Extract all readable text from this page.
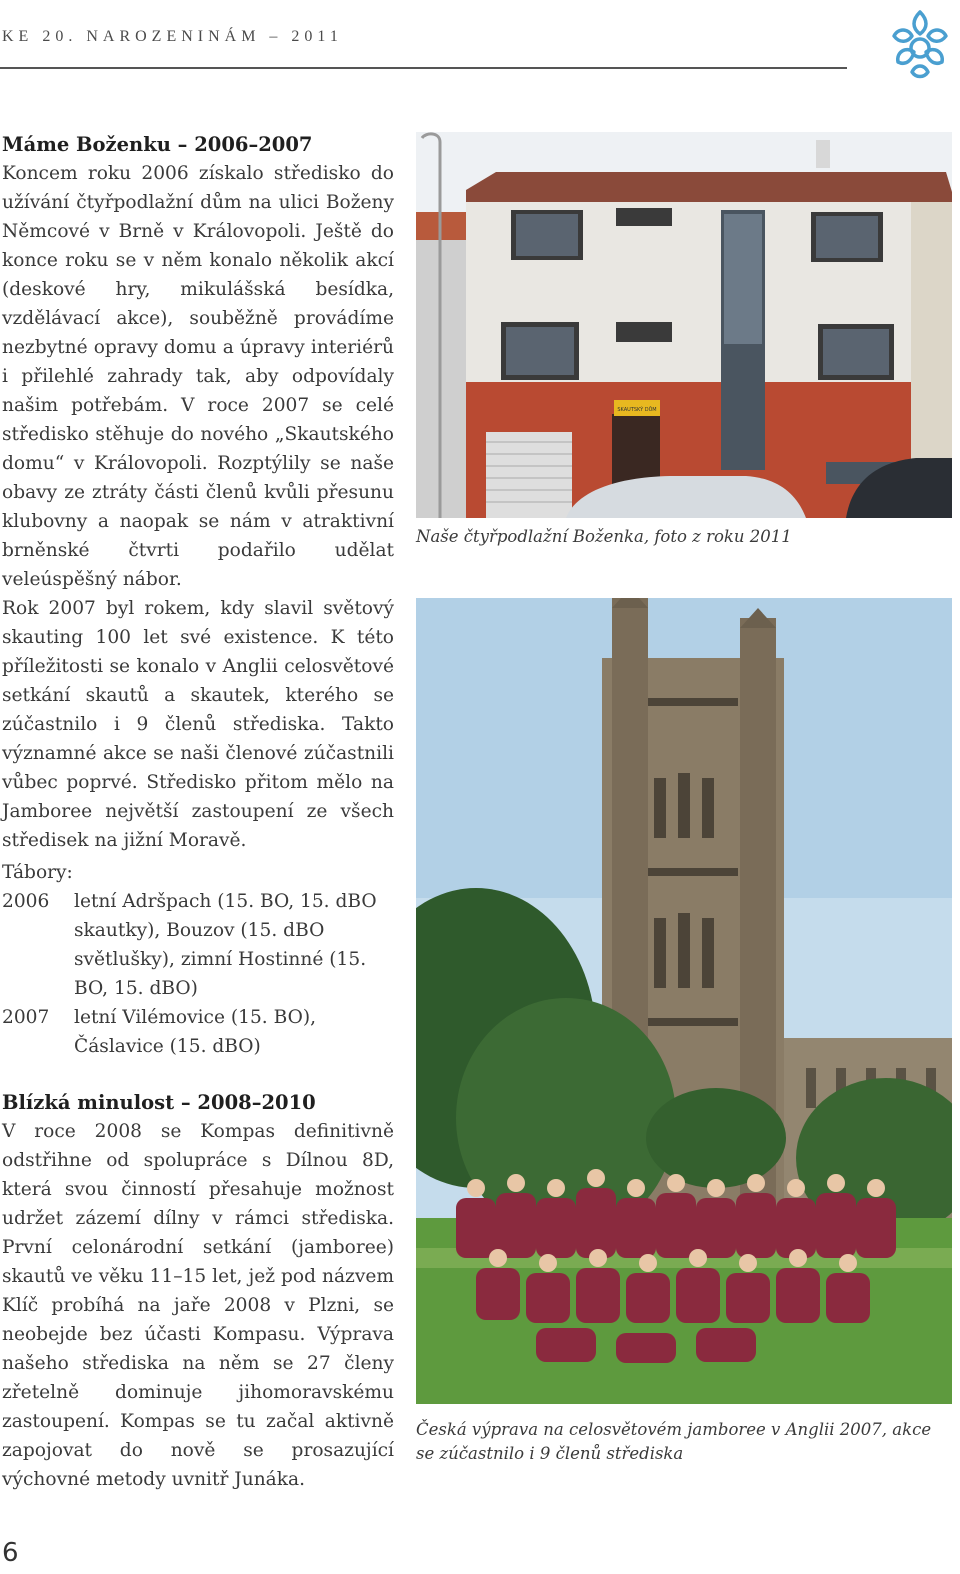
KE 20. NAROZENINÁM – 2011
Máme Boženku – 2006–2007

Koncem roku 2006 získalo středisko do užívání čtyřpodlažní dům na ulici Boženy Němcové v Brně v Královopoli. Ještě do konce roku se v něm konalo několik akcí (deskové hry, mikulášská besídka, vzdělávací akce), souběžně provádíme nezbytné opravy domu a úpravy interiérů i přilehlé zahrady tak, aby odpovídaly našim potřebám. V roce 2007 se celé středisko stěhuje do nového „Skautského domu“ v Královopoli. Rozptýlily se naše obavy ze ztráty části členů kvůli přesunu klubovny a naopak se nám v atraktivní brněnské čtvrti podařilo udělat veleúspěšný nábor.

Rok 2007 byl rokem, kdy slavil světový skauting 100 let své existence. K této příležitosti se konalo v Anglii celosvětové setkání skautů a skautek, kterého se zúčastnilo i 9 členů střediska. Takto významné akce se naši členové zúčastnili vůbec poprvé. Středisko přitom mělo na Jamboree největší zastoupení ze všech středisek na jižní Moravě.

Tábory:
2006	letní Adršpach (15. BO, 15. dBO skautky), Bouzov (15. dBO světlušky), zimní Hostinné (15. BO, 15. dBO)
2007	letní Vilémovice (15. BO), Čáslavice (15. dBO)
Blízká minulost – 2008–2010

V roce 2008 se Kompas definitivně odstřihne od spolupráce s Dílnou 8D, která svou činností přesahuje možnost udržet zázemí dílny v rámci střediska. První celonárodní setkání (jamboree) skautů ve věku 11–15 let, jež pod názvem Klíč probíhá na jaře 2008 v Plzni, se neobejde bez účasti Kompasu. Výprava našeho střediska na něm se 27 členy zřetelně dominuje jihomoravskému zastoupení. Kompas se tu začal aktivně zapojovat do nově se prosazující výchovné metody uvnitř Junáka.

SKAUTSKÝ DŮM
Naše čtyřpodlažní Boženka, foto z roku 2011
Česká výprava na celosvětovém jamboree v Anglii 2007, akce se zúčastnilo i 9 členů střediska
6
